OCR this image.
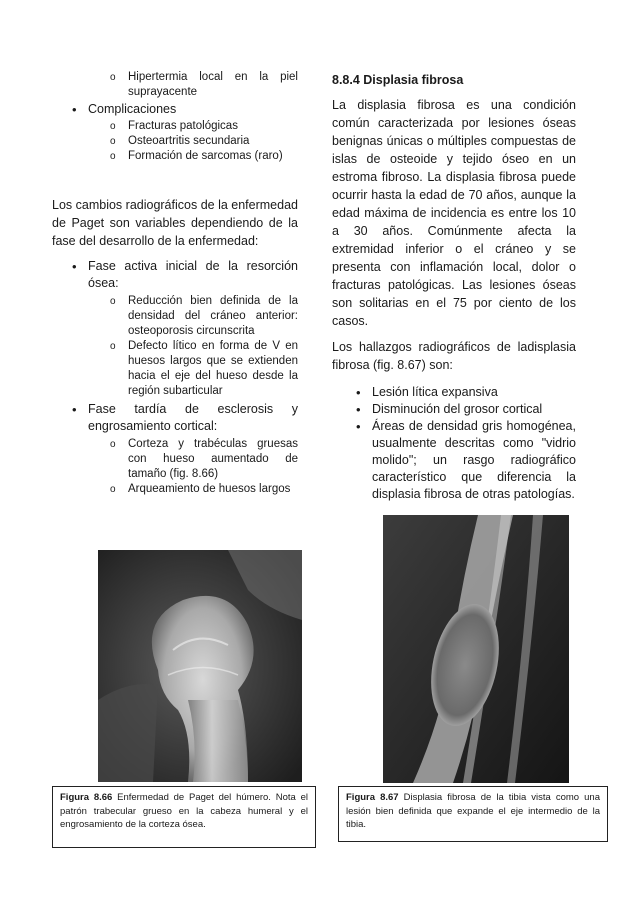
o Hipertermia local en la piel suprayacente
• Complicaciones
o Fracturas patológicas
o Osteoartritis secundaria
o Formación de sarcomas (raro)

Los cambios radiográficos de la enfermedad de Paget son variables dependiendo de la fase del desarrollo de la enfermedad:

• Fase activa inicial de la resorción ósea:
o Reducción bien definida de la densidad del cráneo anterior: osteoporosis circunscrita
o Defecto lítico en forma de V en huesos largos que se extienden hacia el eje del hueso desde la región subarticular
• Fase tardía de esclerosis y engrosamiento cortical:
o Corteza y trabéculas gruesas con hueso aumentado de tamaño (fig. 8.66)
o Arqueamiento de huesos largos
Figura 8.66 Enfermedad de Paget del húmero. Nota el patrón trabecular grueso en la cabeza humeral y el engrosamiento de la corteza ósea.
8.8.4 Displasia fibrosa

La displasia fibrosa es una condición común caracterizada por lesiones óseas benignas únicas o múltiples compuestas de islas de osteoide y tejido óseo en un estroma fibroso. La displasia fibrosa puede ocurrir hasta la edad de 70 años, aunque la edad máxima de incidencia es entre los 10 a 30 años. Comúnmente afecta la extremidad inferior o el cráneo y se presenta con inflamación local, dolor o fracturas patológicas. Las lesiones óseas son solitarias en el 75 por ciento de los casos.

Los hallazgos radiográficos de ladisplasia fibrosa (fig. 8.67) son:

• Lesión lítica expansiva
• Disminución del grosor cortical
• Áreas de densidad gris homogénea, usualmente descritas como "vidrio molido"; un rasgo radiográfico característico que diferencia la displasia fibrosa de otras patologías.
Figura 8.67 Displasia fibrosa de la tibia vista como una lesión bien definida que expande el eje intermedio de la tibia.
